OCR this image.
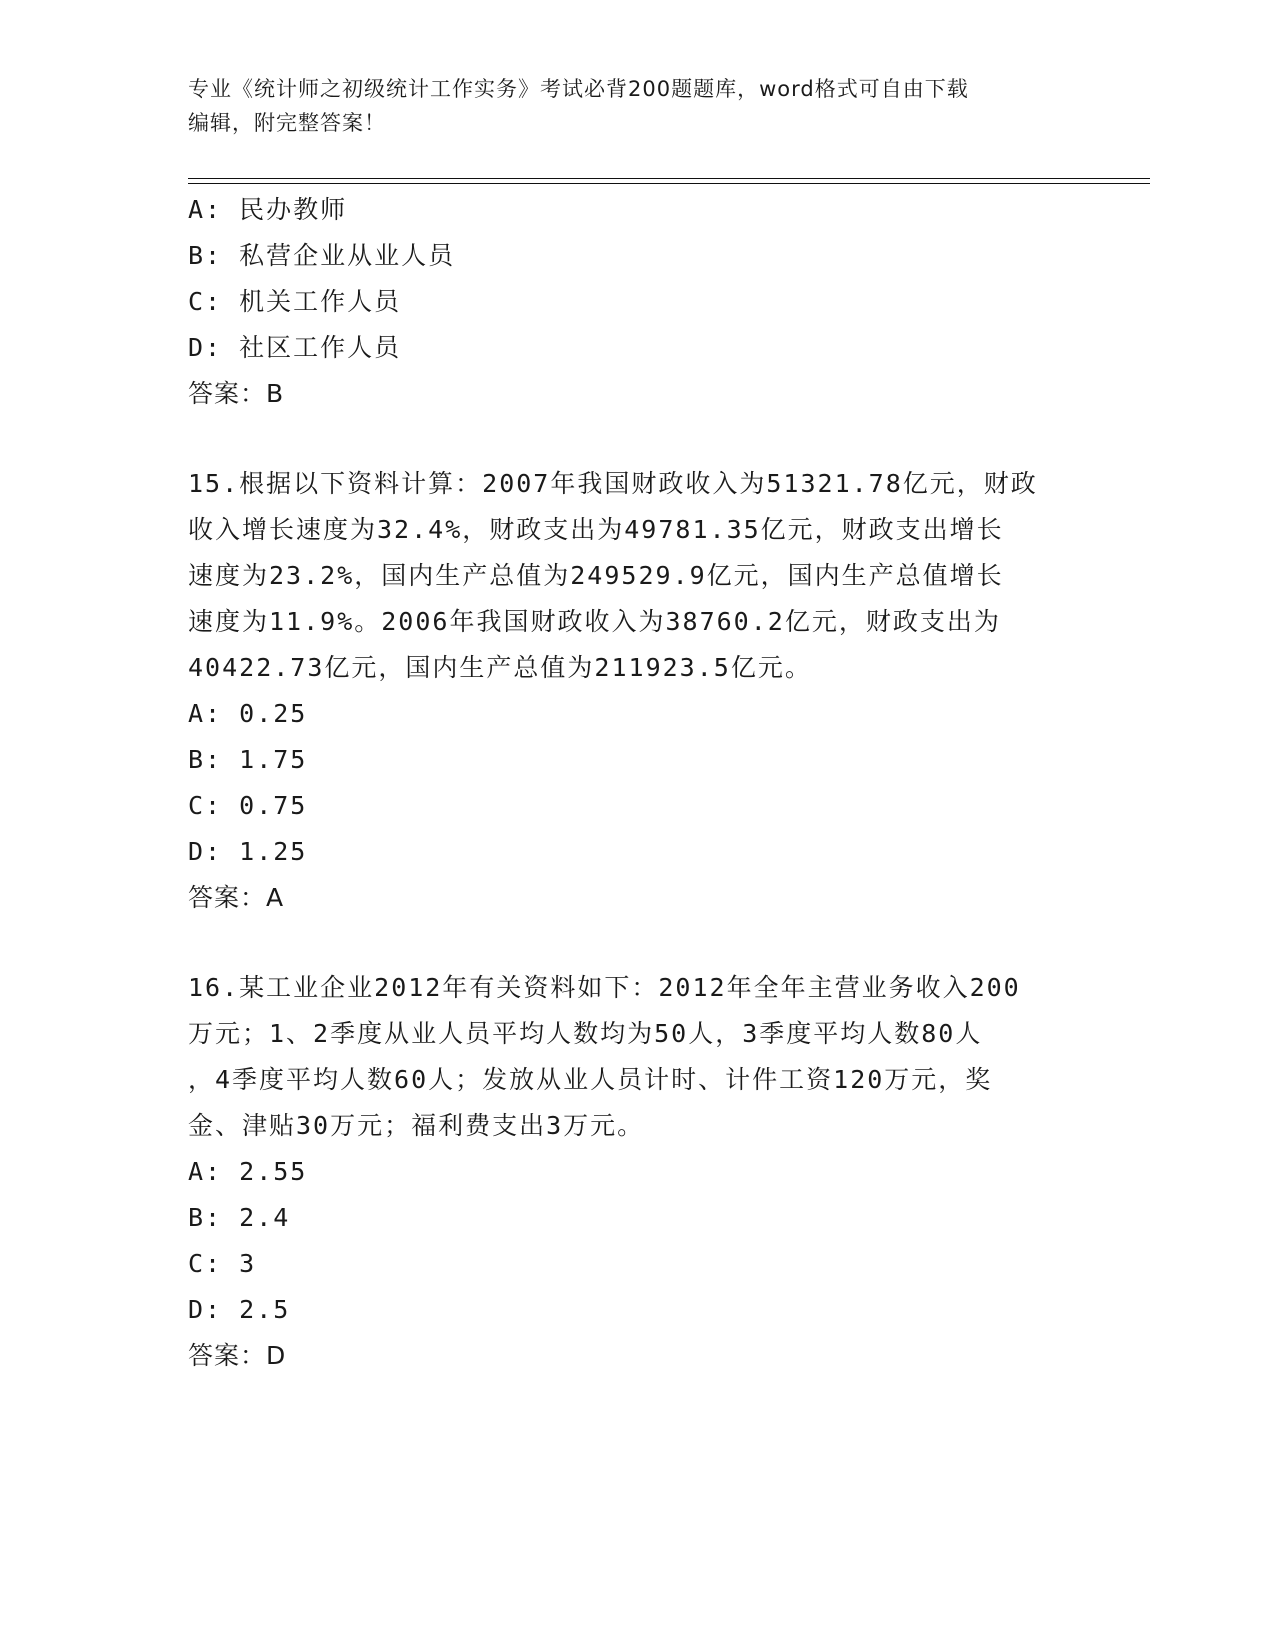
专业《统计师之初级统计工作实务》考试必背200题题库，word格式可自由下载
编辑，附完整答案！
A: 民办教师
B: 私营企业从业人员
C: 机关工作人员
D: 社区工作人员
答案：B
15.根据以下资料计算：2007年我国财政收入为51321.78亿元，财政
收入增长速度为32.4%，财政支出为49781.35亿元，财政支出增长
速度为23.2%，国内生产总值为249529.9亿元，国内生产总值增长
速度为11.9%。2006年我国财政收入为38760.2亿元，财政支出为
40422.73亿元，国内生产总值为211923.5亿元。
A: 0.25
B: 1.75
C: 0.75
D: 1.25
答案：A
16.某工业企业2012年有关资料如下：2012年全年主营业务收入200
万元；1、2季度从业人员平均人数均为50人，3季度平均人数80人
，4季度平均人数60人；发放从业人员计时、计件工资120万元，奖
金、津贴30万元；福利费支出3万元。
A: 2.55
B: 2.4
C: 3
D: 2.5
答案：D
